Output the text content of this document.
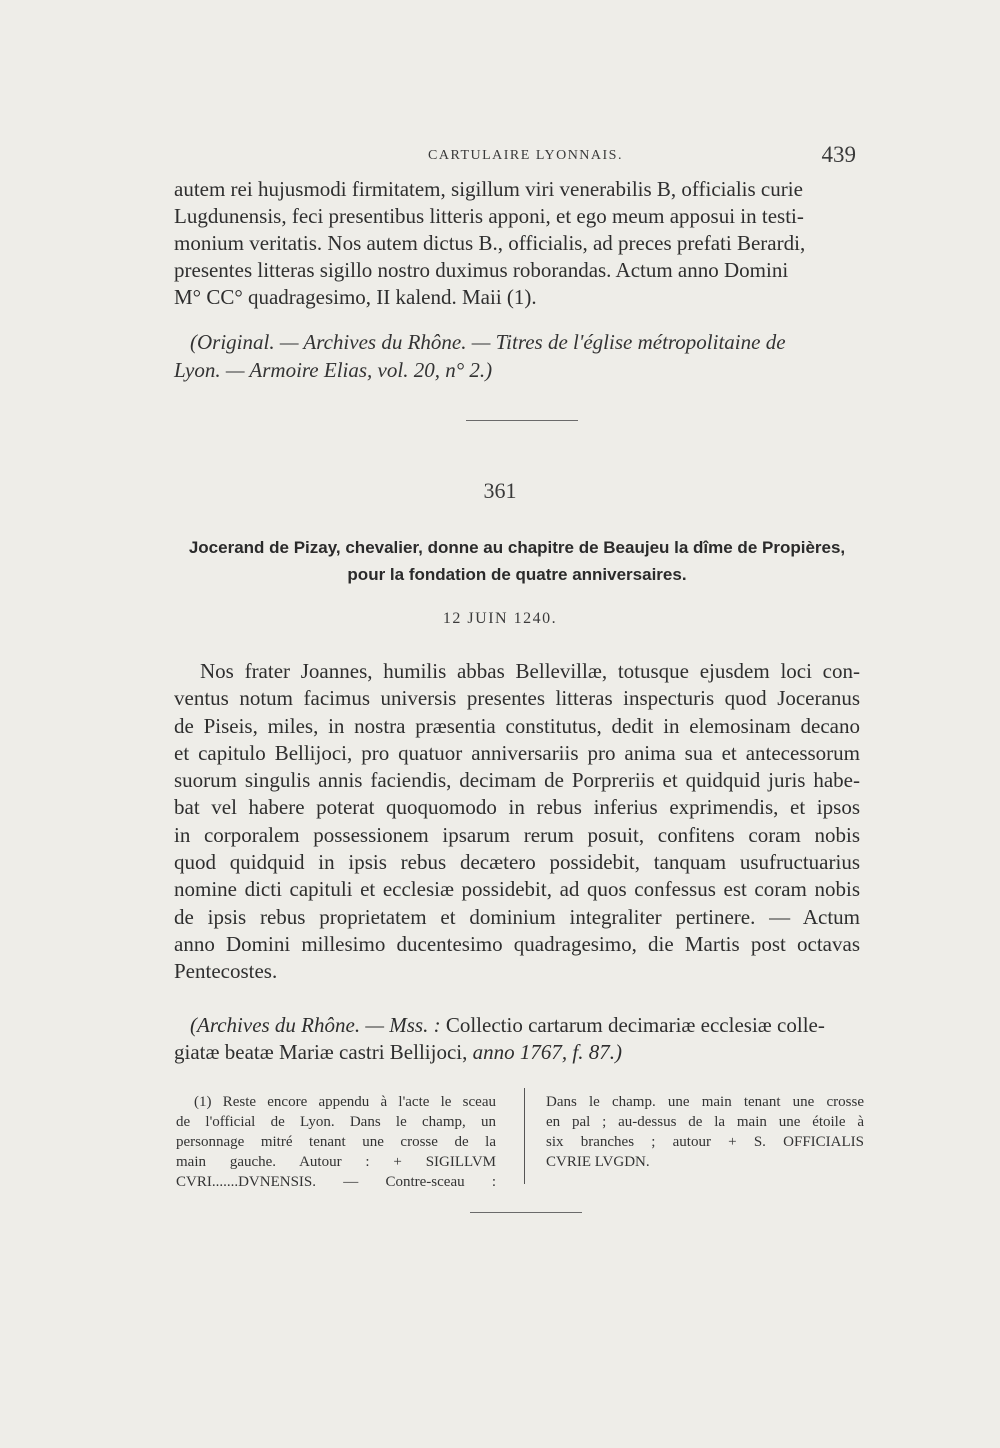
CARTULAIRE LYONNAIS.	439
autem rei hujusmodi firmitatem, sigillum viri venerabilis B, officialis curie
Lugdunensis, feci presentibus litteris apponi, et ego meum apposui in testi-
monium veritatis. Nos autem dictus B., officialis, ad preces prefati Berardi,
presentes litteras sigillo nostro duximus roborandas. Actum anno Domini
M° CC° quadragesimo, II kalend. Maii (1).
(Original. — Archives du Rhône. — Titres de l'église métropolitaine de
Lyon. — Armoire Elias, vol. 20, n° 2.)
361
Jocerand de Pizay, chevalier, donne au chapitre de Beaujeu la dîme de Propières,
pour la fondation de quatre anniversaires.
12 JUIN 1240.
Nos frater Joannes, humilis abbas Bellevillæ, totusque ejusdem loci con-
ventus notum facimus universis presentes litteras inspecturis quod Joceranus
de Piseis, miles, in nostra præsentia constitutus, dedit in elemosinam decano
et capitulo Bellijoci, pro quatuor anniversariis pro anima sua et antecessorum
suorum singulis annis faciendis, decimam de Porpreriis et quidquid juris habe-
bat vel habere poterat quoquomodo in rebus inferius exprimendis, et ipsos
in corporalem possessionem ipsarum rerum posuit, confitens coram nobis
quod quidquid in ipsis rebus decætero possidebit, tanquam usufructuarius
nomine dicti capituli et ecclesiæ possidebit, ad quos confessus est coram nobis
de ipsis rebus proprietatem et dominium integraliter pertinere. — Actum
anno Domini millesimo ducentesimo quadragesimo, die Martis post octavas
Pentecostes.
(Archives du Rhône. — Mss. : Collectio cartarum decimariæ ecclesiæ colle-
giatæ beatæ Mariæ castri Bellijoci, anno 1767, f. 87.)
(1) Reste encore appendu à l'acte le sceau
de l'official de Lyon. Dans le champ, un
personnage mitré tenant une crosse de la
main gauche. Autour : + SIGILLVM
CVRI.......DVNENSIS. — Contre-sceau :
Dans le champ. une main tenant une crosse
en pal ; au-dessus de la main une étoile à
six branches ; autour + S. OFFICIALIS
CVRIE LVGDN.
